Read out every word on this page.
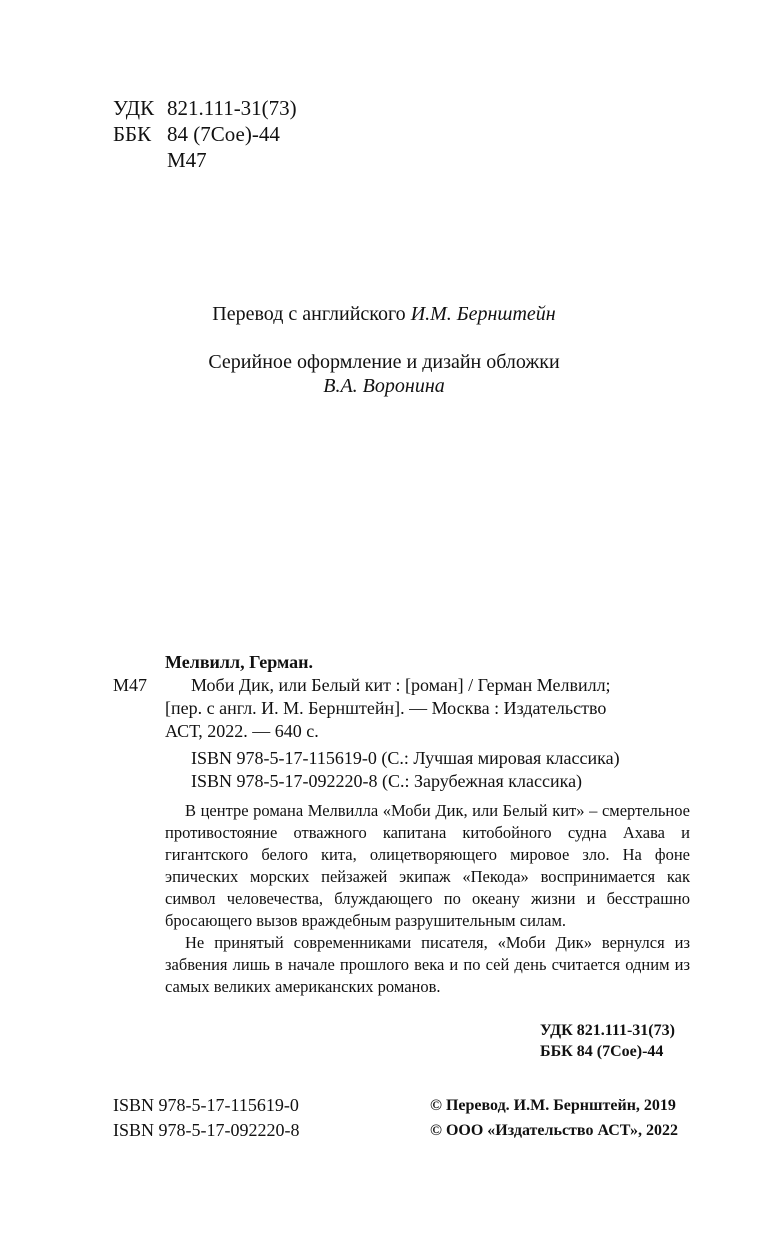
УДК 821.111-31(73)
ББК 84 (7Сое)-44
М47
Перевод с английского И.М. Бернштейн
Серийное оформление и дизайн обложки
В.А. Воронина
Мелвилл, Герман.
М47 Моби Дик, или Белый кит : [роман] / Герман Мелвилл;
[пер. с англ. И. М. Бернштейн]. — Москва : Издательство
АСТ, 2022. — 640 с.
ISBN 978-5-17-115619-0 (С.: Лучшая мировая классика)
ISBN 978-5-17-092220-8 (С.: Зарубежная классика)

В центре романа Мелвилла «Моби Дик, или Белый кит» – смертельное противостояние отважного капитана китобойного судна Ахава и гигантского белого кита, олицетворяющего мировое зло. На фоне эпических морских пейзажей экипаж «Пекода» воспринимается как символ человечества, блуждающего по океану жизни и бесстрашно бросающего вызов враждебным разрушительным силам.

Не принятый современниками писателя, «Моби Дик» вернулся из забвения лишь в начале прошлого века и по сей день считается одним из самых великих американских романов.

УДК 821.111-31(73)
ББК 84 (7Сое)-44
ISBN 978-5-17-115619-0
ISBN 978-5-17-092220-8
© Перевод. И.М. Бернштейн, 2019
© ООО «Издательство АСТ», 2022
